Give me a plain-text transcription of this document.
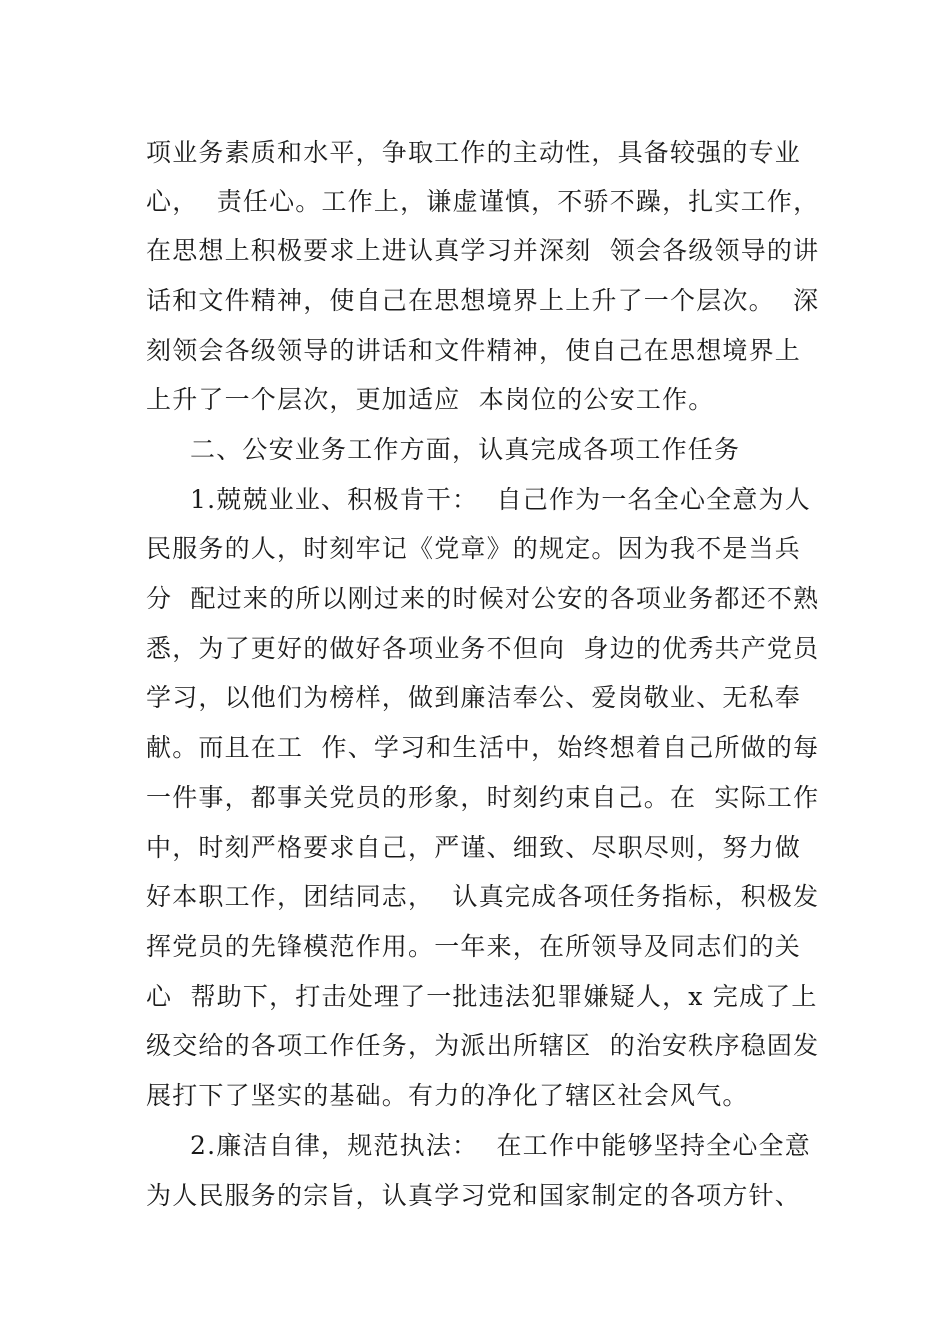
项业务素质和水平，争取工作的主动性，具备较强的专业
心，  责任心。工作上，谦虚谨慎，不骄不躁，扎实工作，
在思想上积极要求上进认真学习并深刻  领会各级领导的讲
话和文件精神，使自己在思想境界上上升了一个层次。  深
刻领会各级领导的讲话和文件精神，使自己在思想境界上
上升了一个层次，更加适应  本岗位的公安工作。
二、公安业务工作方面，认真完成各项工作任务
1.兢兢业业、积极肯干：  自己作为一名全心全意为人
民服务的人，时刻牢记《党章》的规定。因为我不是当兵
分  配过来的所以刚过来的时候对公安的各项业务都还不熟
悉，为了更好的做好各项业务不但向  身边的优秀共产党员
学习，以他们为榜样，做到廉洁奉公、爱岗敬业、无私奉
献。而且在工  作、学习和生活中，始终想着自己所做的每
一件事，都事关党员的形象，时刻约束自己。在  实际工作
中，时刻严格要求自己，严谨、细致、尽职尽则，努力做
好本职工作，团结同志，  认真完成各项任务指标，积极发
挥党员的先锋模范作用。一年来，在所领导及同志们的关
心  帮助下，打击处理了一批违法犯罪嫌疑人，x 完成了上
级交给的各项工作任务，为派出所辖区  的治安秩序稳固发
展打下了坚实的基础。有力的净化了辖区社会风气。
2.廉洁自律，规范执法：  在工作中能够坚持全心全意
为人民服务的宗旨，认真学习党和国家制定的各项方针、
